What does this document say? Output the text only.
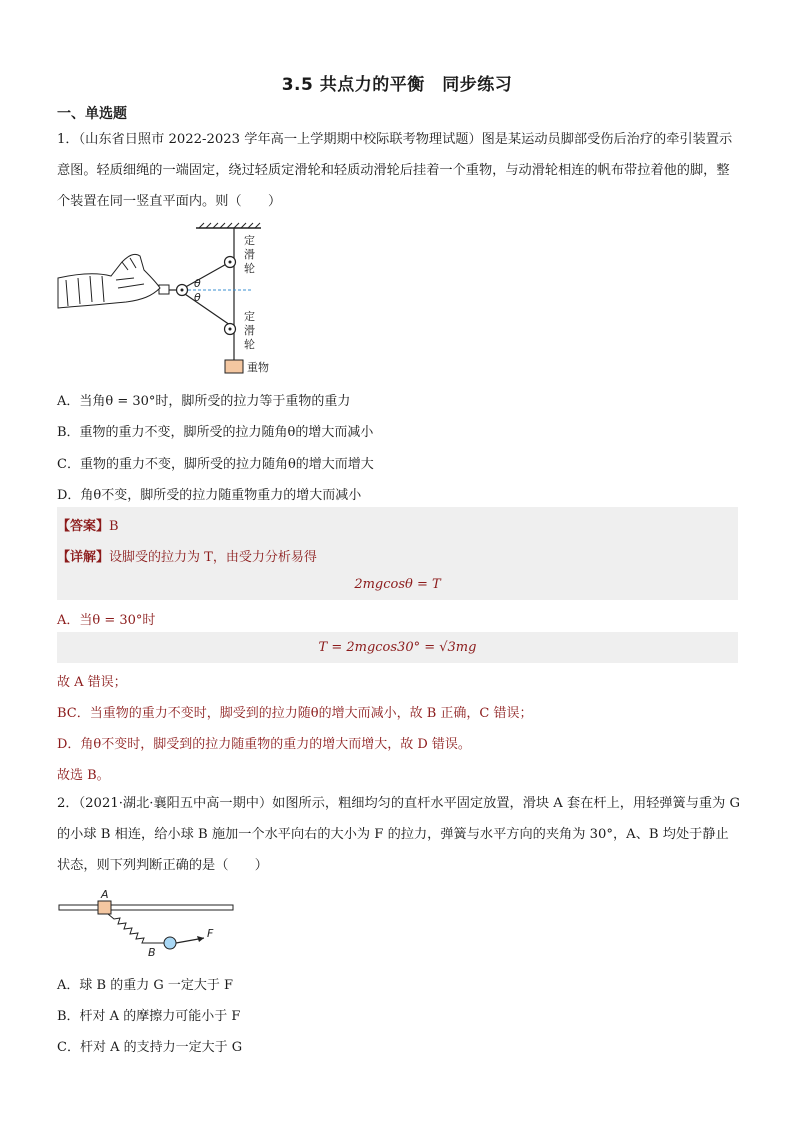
3.5 共点力的平衡　同步练习
一、单选题
1．（山东省日照市 2022-2023 学年高一上学期期中校际联考物理试题）图是某运动员脚部受伤后治疗的牵引装置示意图。轻质细绳的一端固定，绕过轻质定滑轮和轻质动滑轮后挂着一个重物，与动滑轮相连的帆布带拉着他的脚，整个装置在同一竖直平面内。则（　　）
定
滑
轮
定
滑
轮
θ
θ
重物
A．当角θ = 30°时，脚所受的拉力等于重物的重力
B．重物的重力不变，脚所受的拉力随角θ的增大而减小
C．重物的重力不变，脚所受的拉力随角θ的增大而增大
D．角θ不变，脚所受的拉力随重物重力的增大而减小
【答案】B
【详解】设脚受的拉力为 T，由受力分析易得
2mgcosθ = T
A．当θ = 30°时
T = 2mgcos30° = √3mg
故 A 错误；
BC．当重物的重力不变时，脚受到的拉力随θ的增大而减小，故 B 正确，C 错误；
D．角θ不变时，脚受到的拉力随重物的重力的增大而增大，故 D 错误。
故选 B。
2．（2021·湖北·襄阳五中高一期中）如图所示，粗细均匀的直杆水平固定放置，滑块 A 套在杆上，用轻弹簧与重为 G 的小球 B 相连，给小球 B 施加一个水平向右的大小为 F 的拉力，弹簧与水平方向的夹角为 30°，A、B 均处于静止状态，则下列判断正确的是（　　）
A
B
F
A．球 B 的重力 G 一定大于 F
B．杆对 A 的摩擦力可能小于 F
C．杆对 A 的支持力一定大于 G
